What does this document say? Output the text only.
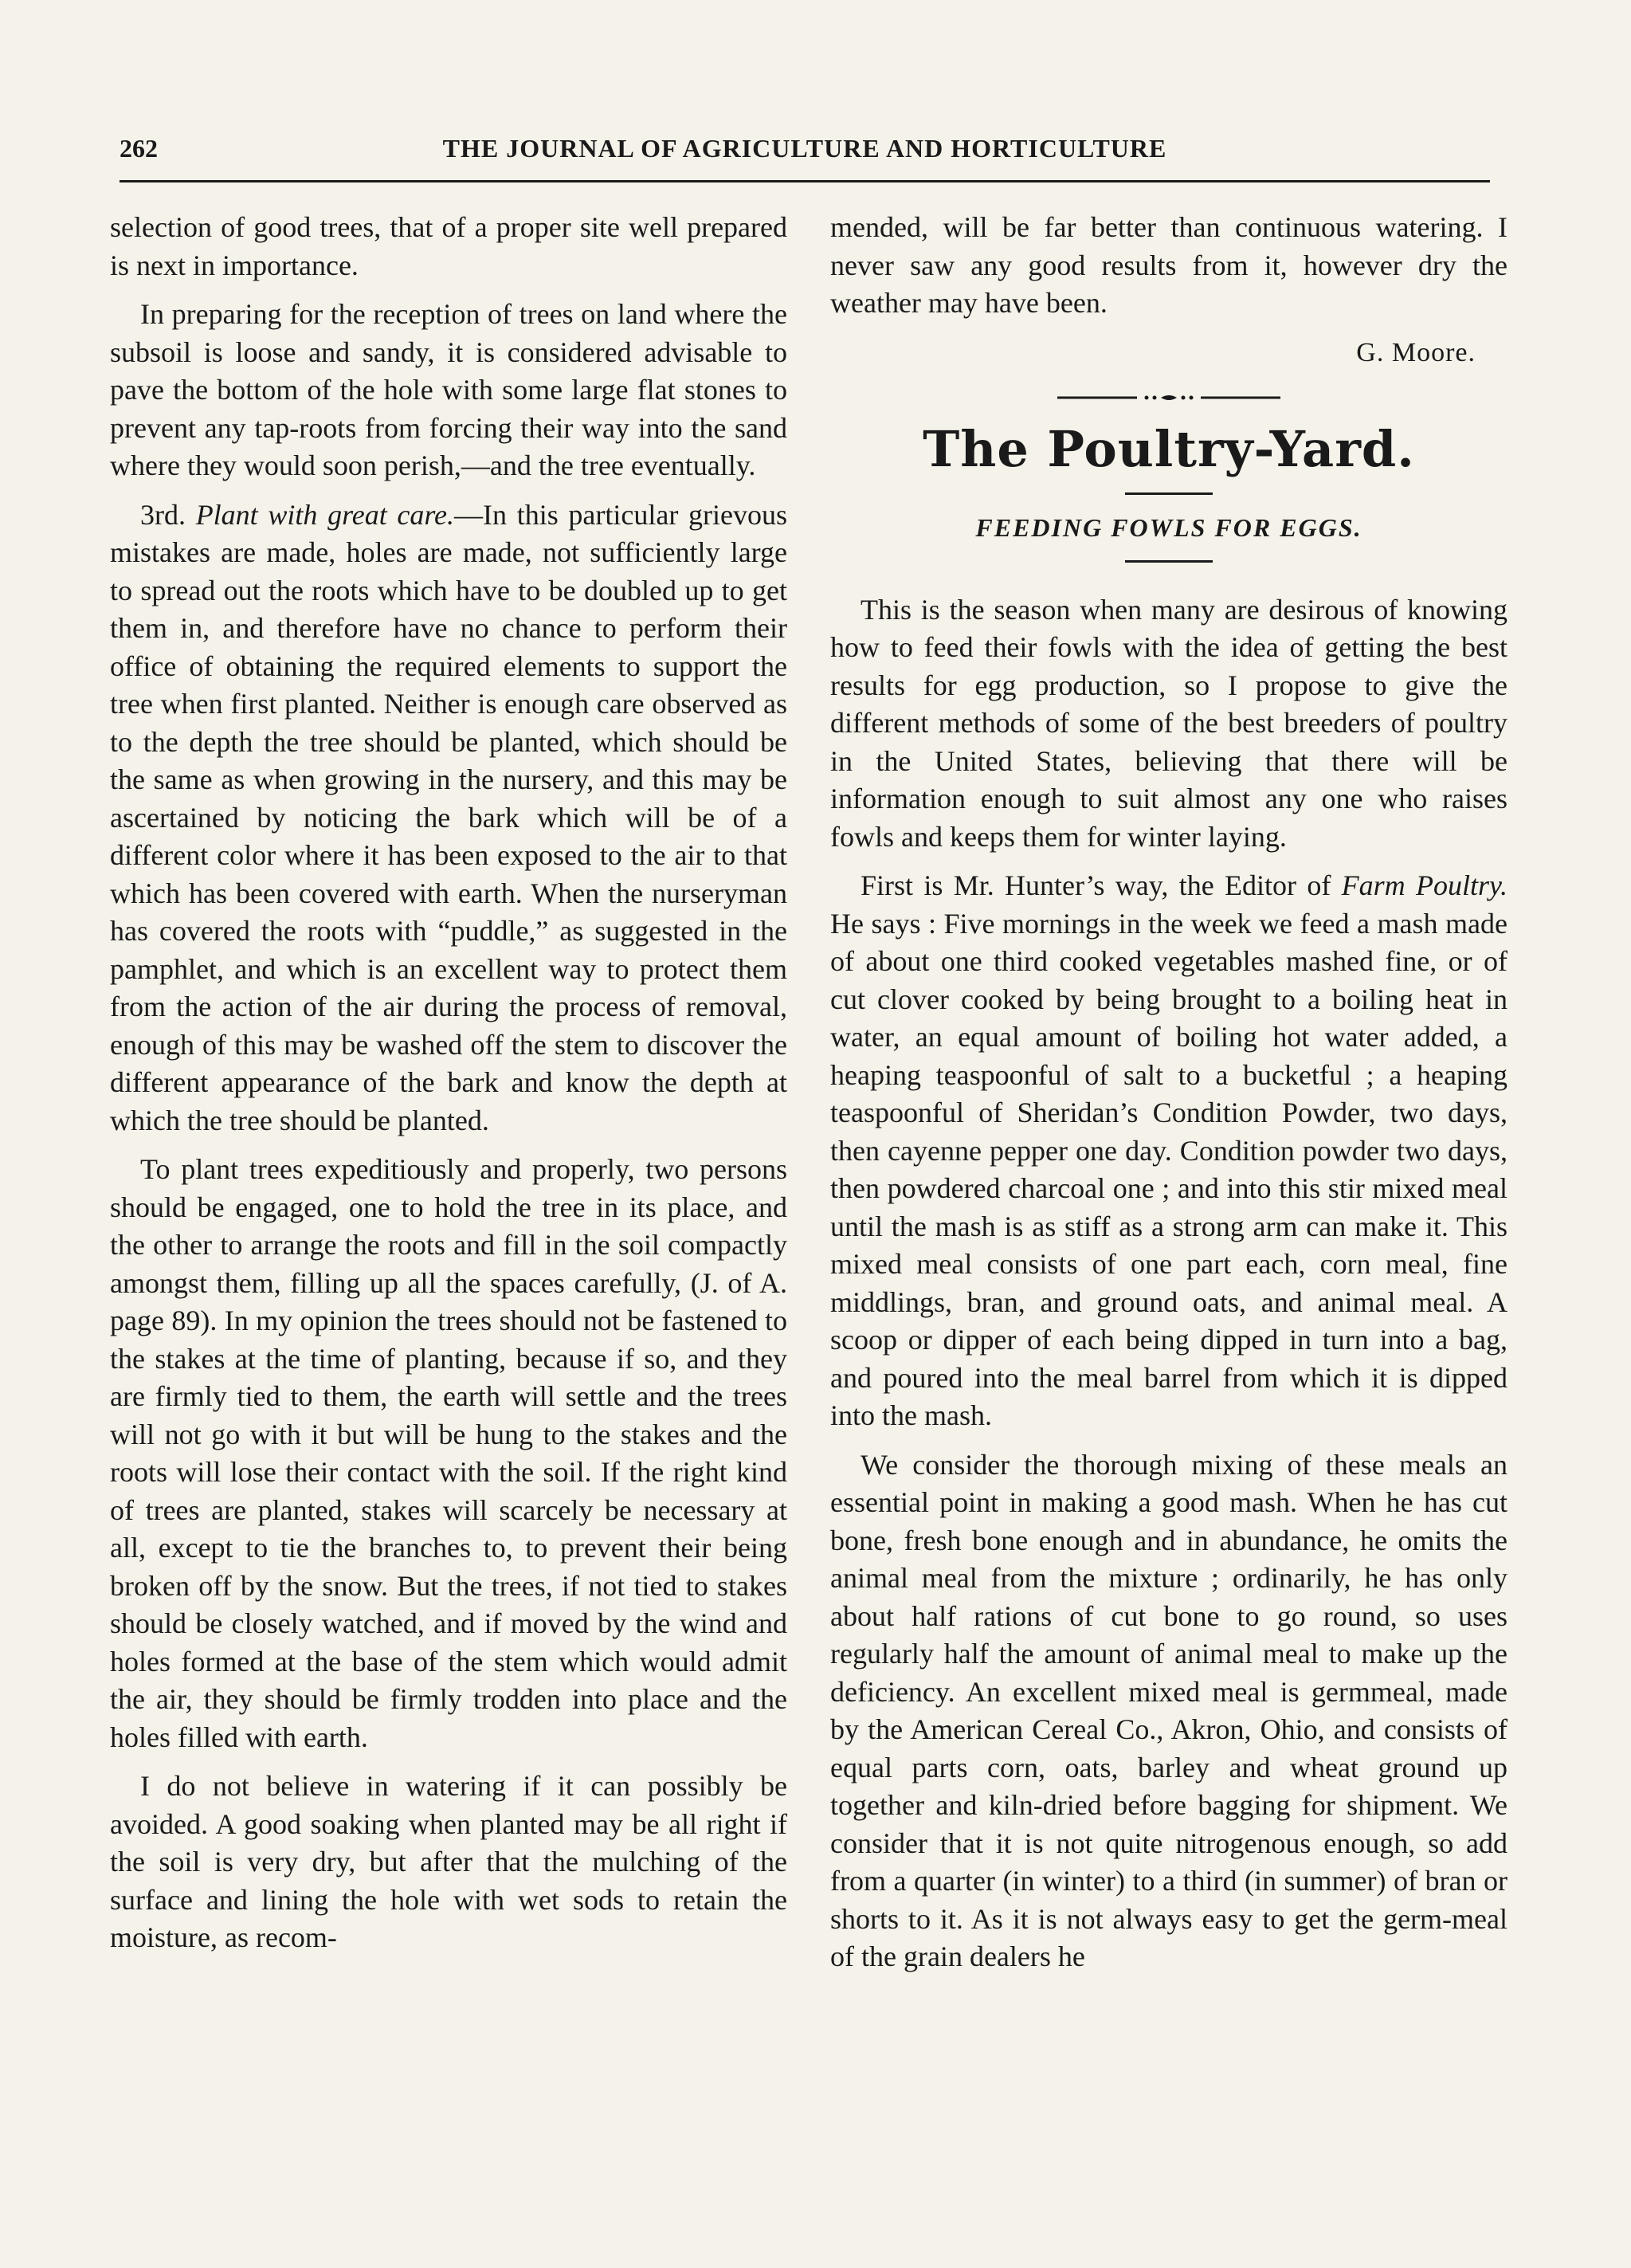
262	THE JOURNAL OF AGRICULTURE AND HORTICULTURE

selection of good trees, that of a proper site well prepared is next in importance.

In preparing for the reception of trees on land where the subsoil is loose and sandy, it is considered advisable to pave the bottom of the hole with some large flat stones to prevent any tap-roots from forcing their way into the sand where they would soon perish,—and the tree eventually.

3rd. Plant with great care.—In this particular grievous mistakes are made, holes are made, not sufficiently large to spread out the roots which have to be doubled up to get them in, and therefore have no chance to perform their office of obtaining the required elements to support the tree when first planted. Neither is enough care observed as to the depth the tree should be planted, which should be the same as when growing in the nursery, and this may be ascertained by noticing the bark which will be of a different color where it has been exposed to the air to that which has been covered with earth. When the nurseryman has covered the roots with “puddle,” as suggested in the pamphlet, and which is an excellent way to protect them from the action of the air during the process of removal, enough of this may be washed off the stem to discover the different appearance of the bark and know the depth at which the tree should be planted.

To plant trees expeditiously and properly, two persons should be engaged, one to hold the tree in its place, and the other to arrange the roots and fill in the soil compactly amongst them, filling up all the spaces carefully, (J. of A. page 89). In my opinion the trees should not be fastened to the stakes at the time of planting, because if so, and they are firmly tied to them, the earth will settle and the trees will not go with it but will be hung to the stakes and the roots will lose their contact with the soil. If the right kind of trees are planted, stakes will scarcely be necessary at all, except to tie the branches to, to prevent their being broken off by the snow. But the trees, if not tied to stakes should be closely watched, and if moved by the wind and holes formed at the base of the stem which would admit the air, they should be firmly trodden into place and the holes filled with earth.

I do not believe in watering if it can possibly be avoided. A good soaking when planted may be all right if the soil is very dry, but after that the mulching of the surface and lining the hole with wet sods to retain the moisture, as recom-

mended, will be far better than continuous watering. I never saw any good results from it, however dry the weather may have been.

G. Moore.
The Poultry-Yard.
FEEDING FOWLS FOR EGGS.

This is the season when many are desirous of knowing how to feed their fowls with the idea of getting the best results for egg production, so I propose to give the different methods of some of the best breeders of poultry in the United States, believing that there will be information enough to suit almost any one who raises fowls and keeps them for winter laying.

First is Mr. Hunter’s way, the Editor of Farm Poultry. He says : Five mornings in the week we feed a mash made of about one third cooked vegetables mashed fine, or of cut clover cooked by being brought to a boiling heat in water, an equal amount of boiling hot water added, a heaping teaspoonful of salt to a bucketful ; a heaping teaspoonful of Sheridan’s Condition Powder, two days, then cayenne pepper one day. Condition powder two days, then powdered charcoal one ; and into this stir mixed meal until the mash is as stiff as a strong arm can make it. This mixed meal consists of one part each, corn meal, fine middlings, bran, and ground oats, and animal meal. A scoop or dipper of each being dipped in turn into a bag, and poured into the meal barrel from which it is dipped into the mash.

We consider the thorough mixing of these meals an essential point in making a good mash. When he has cut bone, fresh bone enough and in abundance, he omits the animal meal from the mixture ; ordinarily, he has only about half rations of cut bone to go round, so uses regularly half the amount of animal meal to make up the deficiency. An excellent mixed meal is germmeal, made by the American Cereal Co., Akron, Ohio, and consists of equal parts corn, oats, barley and wheat ground up together and kiln-dried before bagging for shipment. We consider that it is not quite nitrogenous enough, so add from a quarter (in winter) to a third (in summer) of bran or shorts to it. As it is not always easy to get the germ-meal of the grain dealers he
